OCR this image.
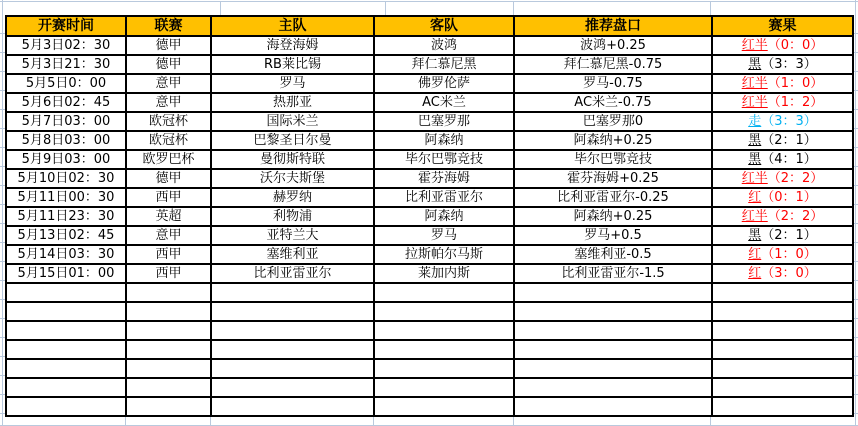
开赛时间	联赛	主队	客队	推荐盘口	赛果
5月3日02：30	德甲	海登海姆	波鸿	波鸿+0.25	红半（0：0）
5月3日21：30	德甲	RB莱比锡	拜仁慕尼黑	拜仁慕尼黑-0.75	黑（3：3）
5月5日0：00	意甲	罗马	佛罗伦萨	罗马-0.75	红半（1：0）
5月6日02：45	意甲	热那亚	AC米兰	AC米兰-0.75	红半（1：2）
5月7日03：00	欧冠杯	国际米兰	巴塞罗那	巴塞罗那0	走（3：3）
5月8日03：00	欧冠杯	巴黎圣日尔曼	阿森纳	阿森纳+0.25	黑（2：1）
5月9日03：00	欧罗巴杯	曼彻斯特联	毕尔巴鄂竞技	毕尔巴鄂竞技	黑（4：1）
5月10日02：30	德甲	沃尔夫斯堡	霍芬海姆	霍芬海姆+0.25	红半（2：2）
5月11日00：30	西甲	赫罗纳	比利亚雷亚尔	比利亚雷亚尔-0.25	红（0：1）
5月11日23：30	英超	利物浦	阿森纳	阿森纳+0.25	红半（2：2）
5月13日02：45	意甲	亚特兰大	罗马	罗马+0.5	黑（2：1）
5月14日03：30	西甲	塞维利亚	拉斯帕尔马斯	塞维利亚-0.5	红（1：0）
5月15日01：00	西甲	比利亚雷亚尔	莱加内斯	比利亚雷亚尔-1.5	红（3：0）
